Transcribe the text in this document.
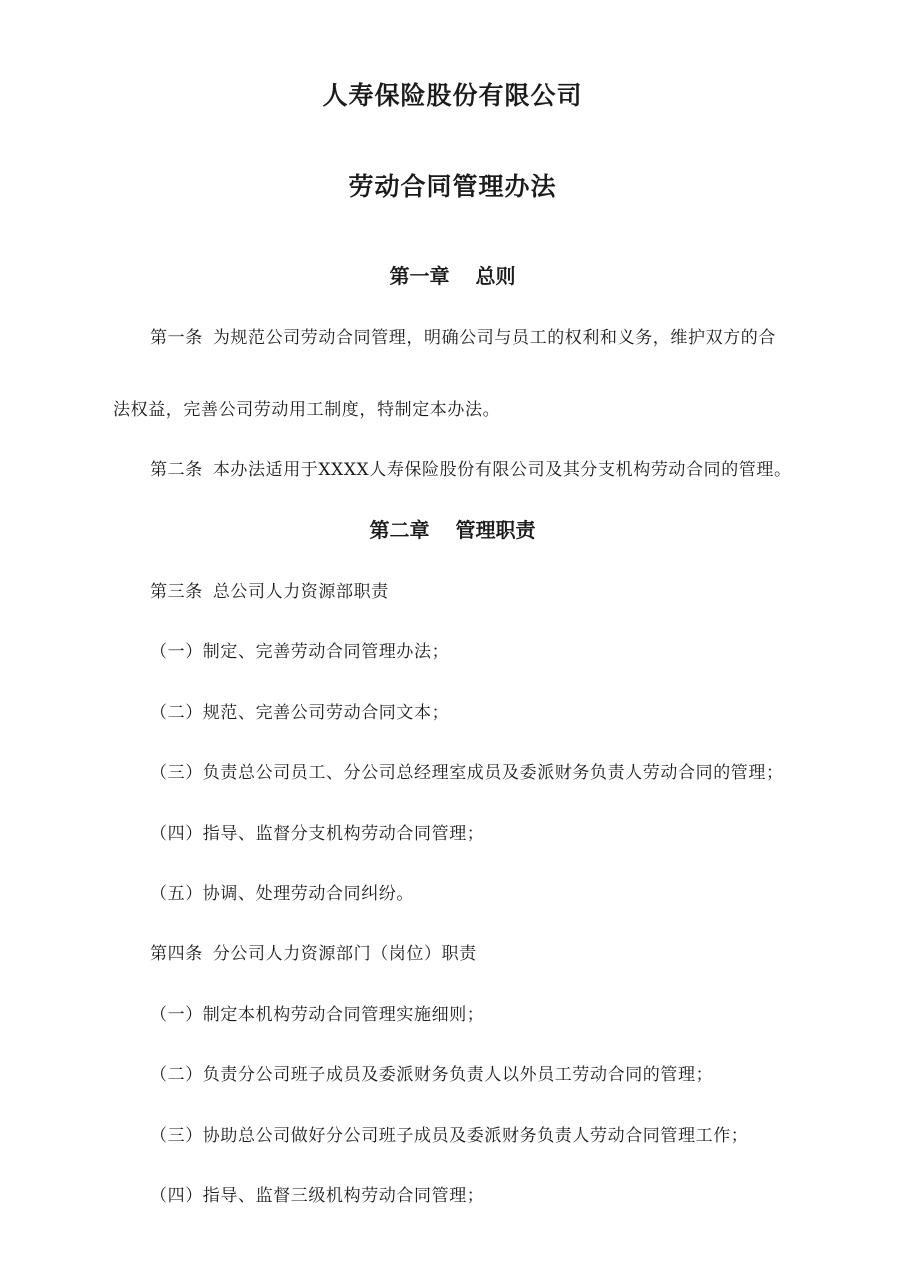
人寿保险股份有限公司
劳动合同管理办法
第一章 总则
第一条 为规范公司劳动合同管理，明确公司与员工的权利和义务，维护双方的合
法权益，完善公司劳动用工制度，特制定本办法。
第二条 本办法适用于XXXX人寿保险股份有限公司及其分支机构劳动合同的管理。
第二章 管理职责
第三条 总公司人力资源部职责
（一）制定、完善劳动合同管理办法；
（二）规范、完善公司劳动合同文本；
（三）负责总公司员工、分公司总经理室成员及委派财务负责人劳动合同的管理；
（四）指导、监督分支机构劳动合同管理；
（五）协调、处理劳动合同纠纷。
第四条 分公司人力资源部门（岗位）职责
（一）制定本机构劳动合同管理实施细则；
（二）负责分公司班子成员及委派财务负责人以外员工劳动合同的管理；
（三）协助总公司做好分公司班子成员及委派财务负责人劳动合同管理工作；
（四）指导、监督三级机构劳动合同管理；
